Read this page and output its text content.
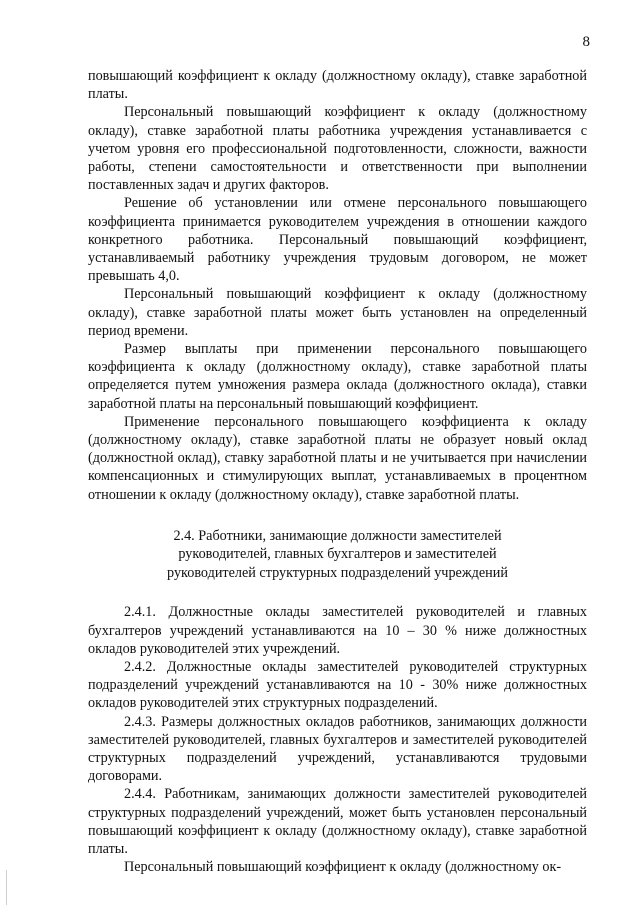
8

повышающий коэффициент к окладу (должностному окладу), ставке заработной платы.

Персональный повышающий коэффициент к окладу (должностному окладу), ставке заработной платы работника учреждения устанавливается с учетом уровня его профессиональной подготовленности, сложности, важности работы, степени самостоятельности и ответственности при выполнении поставленных задач и других факторов.

Решение об установлении или отмене персонального повышающего коэффициента принимается руководителем учреждения в отношении каждого конкретного работника. Персональный повышающий коэффициент, устанавливаемый работнику учреждения трудовым договором, не может превышать 4,0.

Персональный повышающий коэффициент к окладу (должностному окладу), ставке заработной платы может быть установлен на определенный период времени.

Размер выплаты при применении персонального повышающего коэффициента к окладу (должностному окладу), ставке заработной платы определяется путем умножения размера оклада (должностного оклада), ставки заработной платы на персональный повышающий коэффициент.

Применение персонального повышающего коэффициента к окладу (должностному окладу), ставке заработной платы не образует новый оклад (должностной оклад), ставку заработной платы и не учитывается при начислении компенсационных и стимулирующих выплат, устанавливаемых в процентном отношении к окладу (должностному окладу), ставке заработной платы.

2.4. Работники, занимающие должности заместителей
руководителей, главных бухгалтеров и заместителей
руководителей структурных подразделений учреждений

2.4.1. Должностные оклады заместителей руководителей и главных бухгалтеров учреждений устанавливаются на 10 – 30 % ниже должностных окладов руководителей этих учреждений.

2.4.2. Должностные оклады заместителей руководителей структурных подразделений учреждений устанавливаются на 10 - 30% ниже должностных окладов руководителей этих структурных подразделений.

2.4.3. Размеры должностных окладов работников, занимающих должности заместителей руководителей, главных бухгалтеров и заместителей руководителей структурных подразделений учреждений, устанавливаются трудовыми договорами.

2.4.4. Работникам, занимающих должности заместителей руководителей структурных подразделений учреждений, может быть установлен персональный повышающий коэффициент к окладу (должностному окладу), ставке заработной платы.

Персональный повышающий коэффициент к окладу (должностному ок-
